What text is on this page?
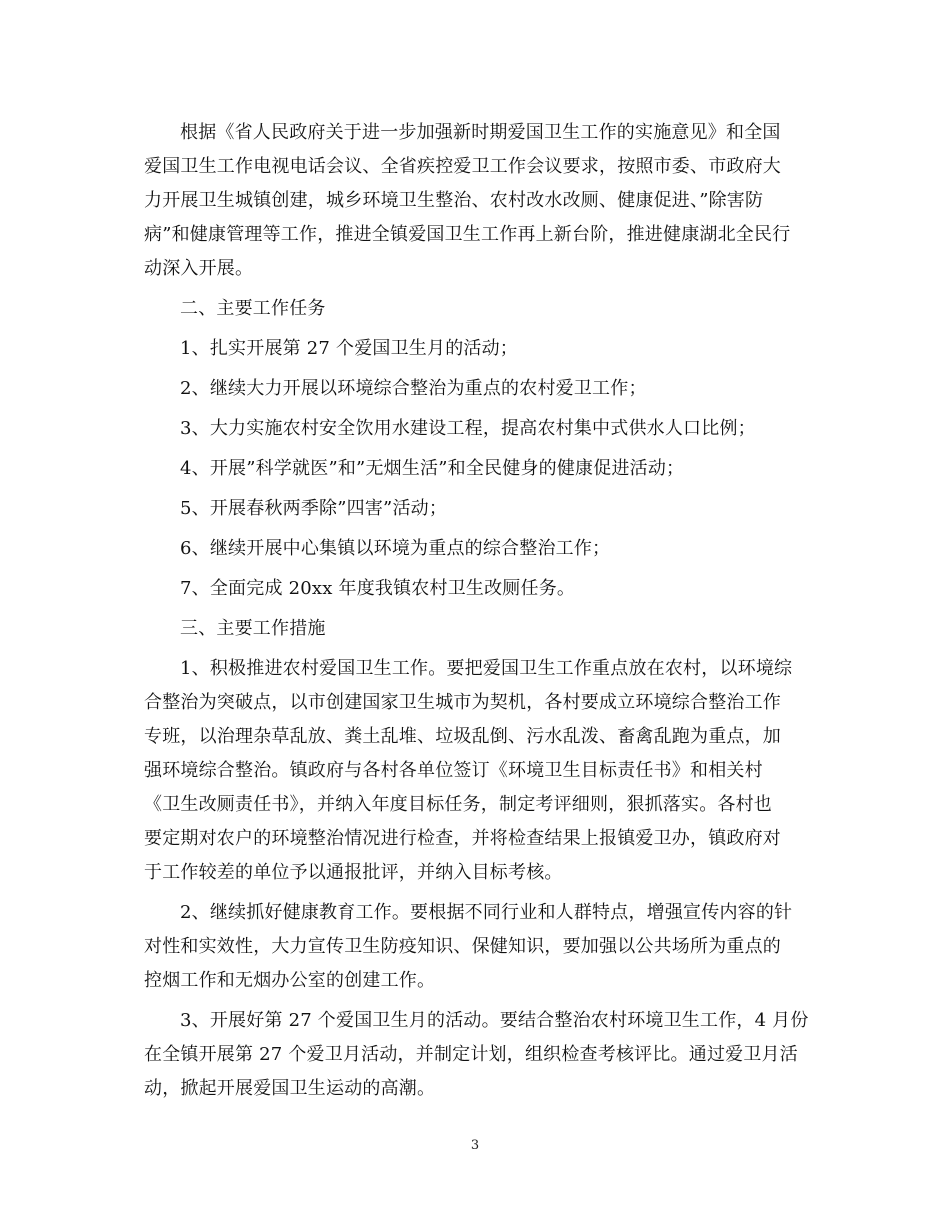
根据《省人民政府关于进一步加强新时期爱国卫生工作的实施意见》和全国
爱国卫生工作电视电话会议、全省疾控爱卫工作会议要求，按照市委、市政府大
力开展卫生城镇创建，城乡环境卫生整治、农村改水改厕、健康促进、”除害防
病”和健康管理等工作，推进全镇爱国卫生工作再上新台阶，推进健康湖北全民行
动深入开展。
二、主要工作任务
1、扎实开展第 27 个爱国卫生月的活动；
2、继续大力开展以环境综合整治为重点的农村爱卫工作；
3、大力实施农村安全饮用水建设工程，提高农村集中式供水人口比例；
4、开展”科学就医”和”无烟生活”和全民健身的健康促进活动；
5、开展春秋两季除”四害”活动；
6、继续开展中心集镇以环境为重点的综合整治工作；
7、全面完成 20xx 年度我镇农村卫生改厕任务。
三、主要工作措施
1、积极推进农村爱国卫生工作。要把爱国卫生工作重点放在农村，以环境综
合整治为突破点，以市创建国家卫生城市为契机，各村要成立环境综合整治工作
专班，以治理杂草乱放、粪土乱堆、垃圾乱倒、污水乱泼、畜禽乱跑为重点，加
强环境综合整治。镇政府与各村各单位签订《环境卫生目标责任书》和相关村
《卫生改厕责任书》，并纳入年度目标任务，制定考评细则，狠抓落实。各村也
要定期对农户的环境整治情况进行检查，并将检查结果上报镇爱卫办，镇政府对
于工作较差的单位予以通报批评，并纳入目标考核。
2、继续抓好健康教育工作。要根据不同行业和人群特点，增强宣传内容的针
对性和实效性，大力宣传卫生防疫知识、保健知识，要加强以公共场所为重点的
控烟工作和无烟办公室的创建工作。
3、开展好第 27 个爱国卫生月的活动。要结合整治农村环境卫生工作，4 月份
在全镇开展第 27 个爱卫月活动，并制定计划，组织检查考核评比。通过爱卫月活
动，掀起开展爱国卫生运动的高潮。
3
